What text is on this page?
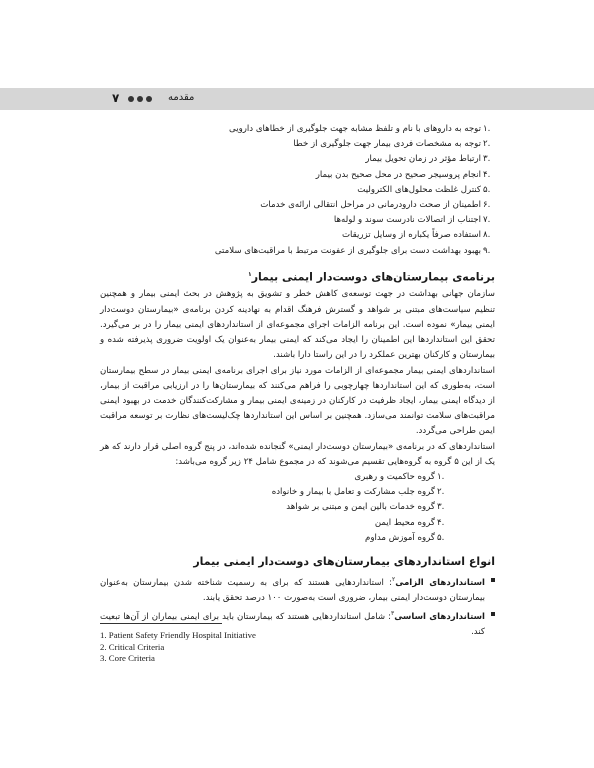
۷	مقدمه
.۱
توجه به داروهای با نام و تلفظ مشابه جهت جلوگیری از خطاهای دارویی
.۲
توجه به مشخصات فردی بیمار جهت جلوگیری از خطا
.۳
ارتباط مؤثر در زمان تحویل بیمار
.۴
انجام پروسیجر صحیح در محل صحیح بدن بیمار
.۵
کنترل غلظت محلول‌های الکترولیت
.۶
اطمینان از صحت دارودرمانی در مراحل انتقالی ارائه‌ی خدمات
.۷
اجتناب از اتصالات نادرست سوند و لوله‌ها
.۸
استفاده صرفاً یکباره از وسایل تزریقات
.۹
بهبود بهداشت دست برای جلوگیری از عفونت مرتبط با مراقبت‌های سلامتی
برنامه‌ی بیمارستان‌های دوست‌دار ایمنی بیمار$^۱$

سازمان جهانی بهداشت در جهت توسعه‌ی کاهش خطر و تشویق به پژوهش در بحث ایمنی بیمار و همچنین تنظیم سیاست‌های مبتنی بر شواهد و گسترش فرهنگ اقدام به نهادینه کردن برنامه‌ی «بیمارستان دوست‌دار ایمنی بیمار» نموده است. این برنامه الزامات اجرای مجموعه‌ای از استانداردهای ایمنی بیمار را در بر می‌گیرد. تحقق این استانداردها این اطمینان را ایجاد می‌کند که ایمنی بیمار به‌عنوان یک اولویت ضروری پذیرفته شده و بیمارستان و کارکنان بهترین عملکرد را در این راستا دارا باشند.

استانداردهای ایمنی بیمار مجموعه‌ای از الزامات مورد نیاز برای اجرای برنامه‌ی ایمنی بیمار در سطح بیمارستان است، به‌طوری که این استانداردها چهارچوبی را فراهم می‌کنند که بیمارستان‌ها را در ارزیابی مراقبت از بیمار، از دیدگاه ایمنی بیمار، ایجاد ظرفیت در کارکنان در زمینه‌ی ایمنی بیمار و مشارکت‌کنندگان خدمت در بهبود ایمنی مراقبت‌های سلامت توانمند می‌سازد. همچنین بر اساس این استانداردها چک‌لیست‌های نظارت بر توسعه مراقبت ایمن طراحی می‌گردد.

استانداردهای که در برنامه‌ی «بیمارستان دوست‌دار ایمنی» گنجانده شده‌اند، در پنج گروه اصلی قرار دارند که هر یک از این ۵ گروه به گروه‌هایی تقسیم می‌شوند که در مجموع شامل ۲۴ زیر گروه می‌باشد:

.۱
گروه حاکمیت و رهبری
.۲
گروه جلب مشارکت و تعامل با بیمار و خانواده
.۳
گروه خدمات بالین ایمن و مبتنی بر شواهد
.۴
گروه محیط ایمن
.۵
گروه آموزش مداوم
انواع استانداردهای بیمارستان‌های دوست‌دار ایمنی بیمار
استانداردهای الزامی$^۲$: استانداردهایی هستند که برای به رسمیت شناخته شدن بیمارستان به‌عنوان بیمارستان دوست‌دار ایمنی بیمار، ضروری است به‌صورت ۱۰۰ درصد تحقق یابند.
استانداردهای اساسی$^۳$: شامل استانداردهایی هستند که بیمارستان باید برای ایمنی بیماران از آن‌ها تبعیت کند.
1. Patient Safety Friendly Hospital Initiative
2. Critical Criteria
3. Core Criteria
